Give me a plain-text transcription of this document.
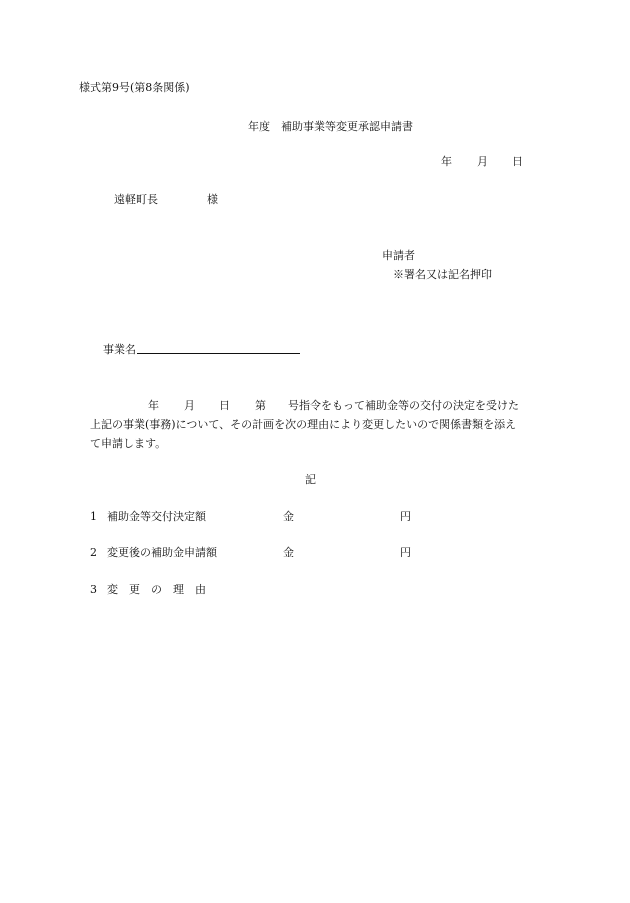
様式第9号(第8条関係)
年度　補助事業等変更承認申請書
年 月 日
遠軽町長	様
申請者
※署名又は記名押印
事業名
年 月 日 第 号指令をもって補助金等の交付の決定を受けた
上記の事業(事務)について、その計画を次の理由により変更したいので関係書類を添え
て申請します。
記
1 補助金等交付決定額	金	円
2 変更後の補助金申請額	金	円
3 変　更　の　理　由
